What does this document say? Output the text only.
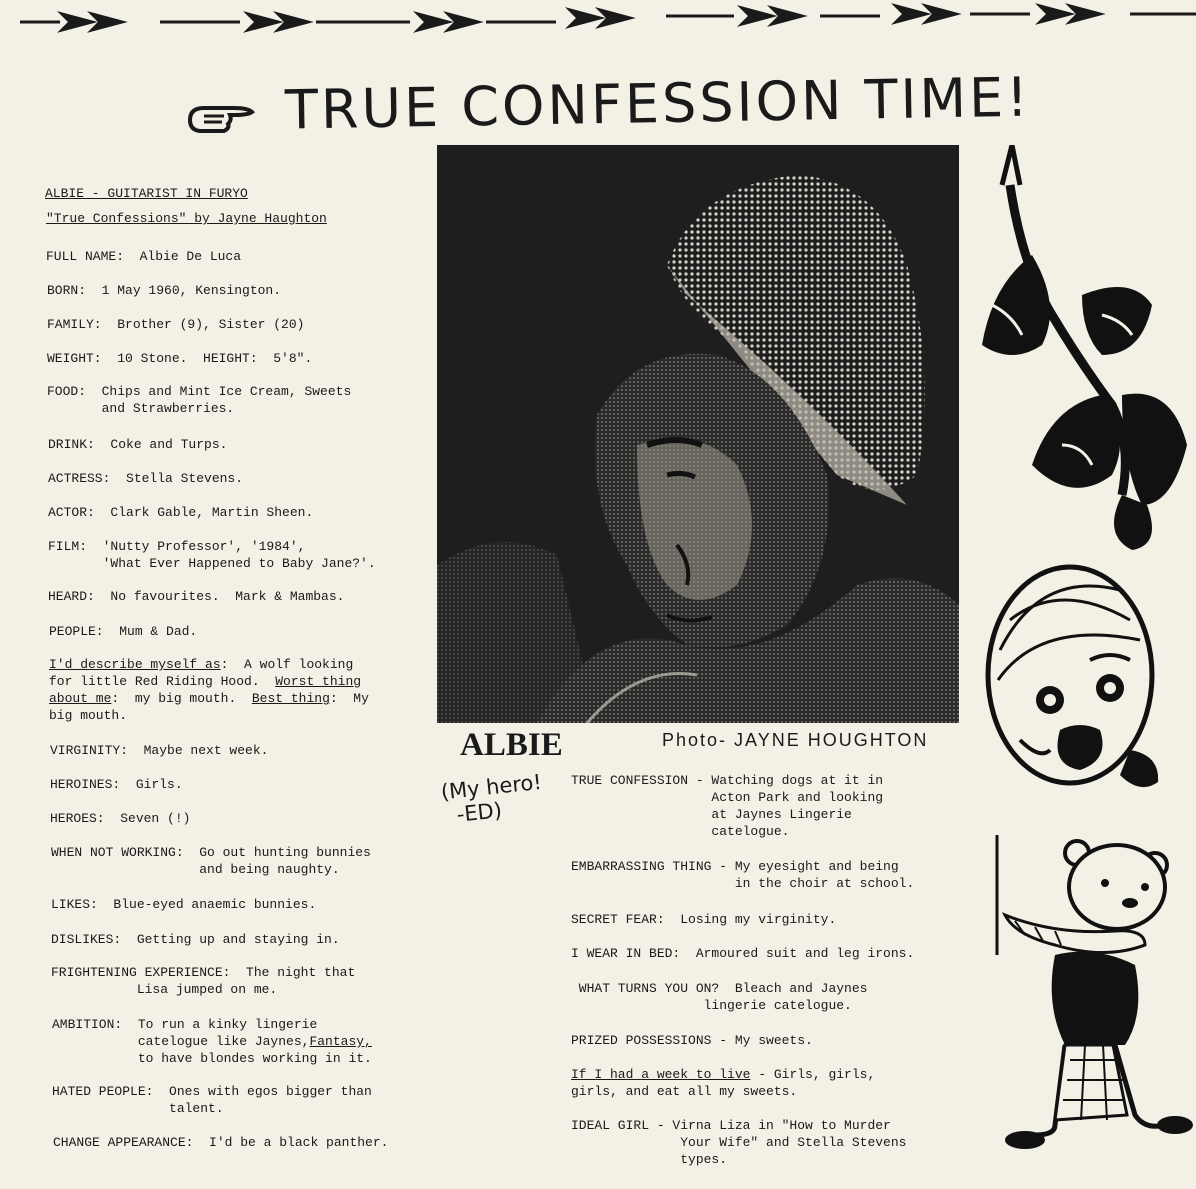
TRUE CONFESSION TIME!
ALBIE - GUITARIST IN FURYO
"True Confessions" by Jayne Haughton
FULL NAME:  Albie De Luca
BORN:  1 May 1960, Kensington.
FAMILY:  Brother (9), Sister (20)
WEIGHT:  10 Stone.  HEIGHT:  5'8".
FOOD:  Chips and Mint Ice Cream, Sweets
and Strawberries.
DRINK:  Coke and Turps.
ACTRESS:  Stella Stevens.
ACTOR:  Clark Gable, Martin Sheen.
FILM:  'Nutty Professor', '1984',
'What Ever Happened to Baby Jane?'.
HEARD:  No favourites.  Mark & Mambas.
PEOPLE:  Mum & Dad.
I'd describe myself as:  A wolf looking
for little Red Riding Hood.  Worst thing
about me:  my big mouth.  Best thing:  My
big mouth.
VIRGINITY:  Maybe next week.
HEROINES:  Girls.
HEROES:  Seven (!)
WHEN NOT WORKING:  Go out hunting bunnies
and being naughty.
LIKES:  Blue-eyed anaemic bunnies.
DISLIKES:  Getting up and staying in.
FRIGHTENING EXPERIENCE:  The night that
Lisa jumped on me.
AMBITION:  To run a kinky lingerie
catelogue like Jaynes,Fantasy,
to have blondes working in it.
HATED PEOPLE:  Ones with egos bigger than
talent.
CHANGE APPEARANCE:  I'd be a black panther.
ALBIE	Photo- JAYNE HOUGHTON
(My hero!
-ED)
TRUE CONFESSION - Watching dogs at it in
Acton Park and looking
at Jaynes Lingerie
catelogue.
EMBARRASSING THING - My eyesight and being
in the choir at school.
SECRET FEAR:  Losing my virginity.
I WEAR IN BED:  Armoured suit and leg irons.
WHAT TURNS YOU ON?  Bleach and Jaynes
lingerie catelogue.
PRIZED POSSESSIONS - My sweets.
If I had a week to live - Girls, girls,
girls, and eat all my sweets.
IDEAL GIRL - Virna Liza in "How to Murder
Your Wife" and Stella Stevens
types.
